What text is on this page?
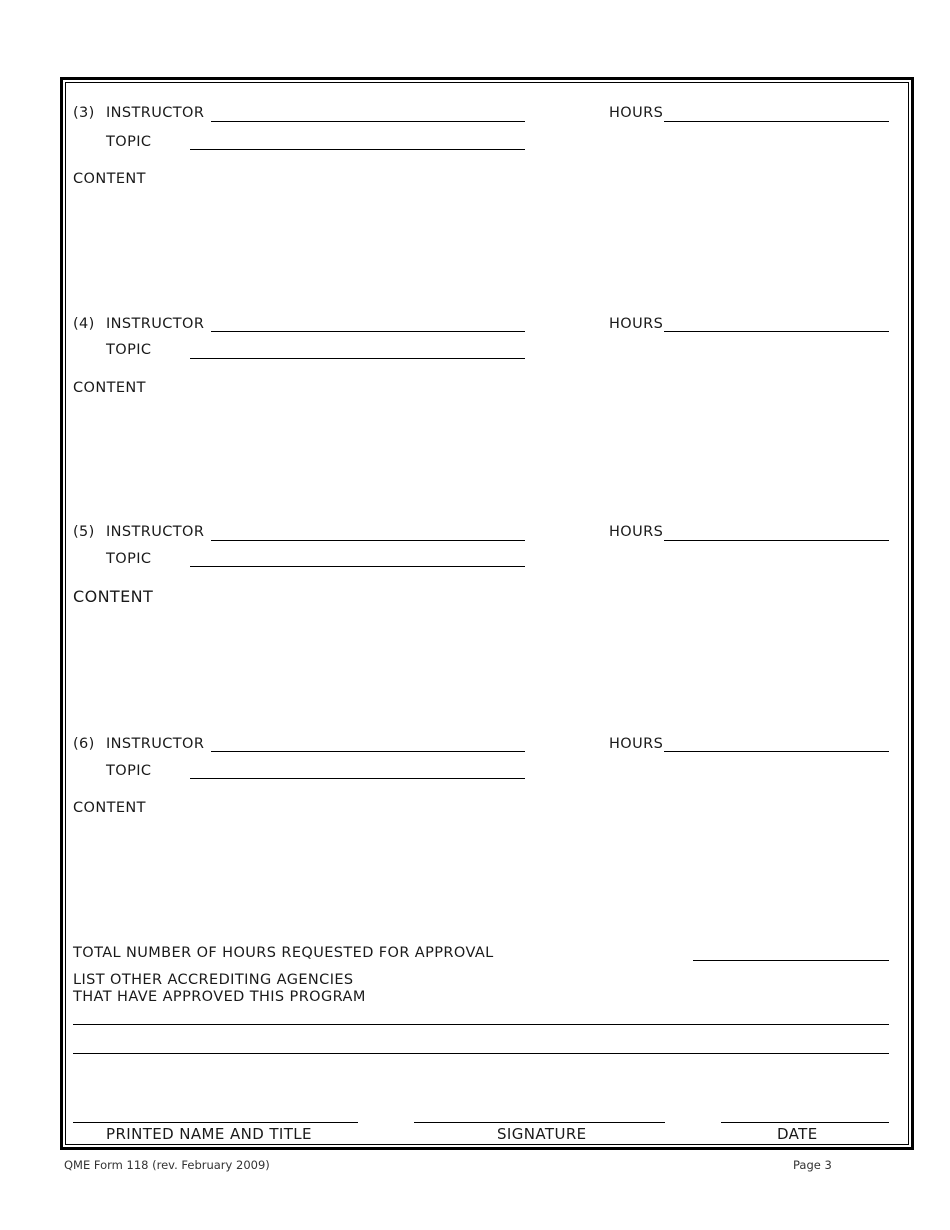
(3) INSTRUCTOR	HOURS
TOPIC
CONTENT
(4) INSTRUCTOR	HOURS
TOPIC
CONTENT
(5) INSTRUCTOR	HOURS
TOPIC
CONTENT
(6) INSTRUCTOR	HOURS
TOPIC
CONTENT
TOTAL NUMBER OF HOURS REQUESTED FOR APPROVAL
LIST OTHER ACCREDITING AGENCIES
THAT HAVE APPROVED THIS PROGRAM
PRINTED NAME AND TITLE	SIGNATURE	DATE
QME Form 118 (rev. February 2009)	Page 3
